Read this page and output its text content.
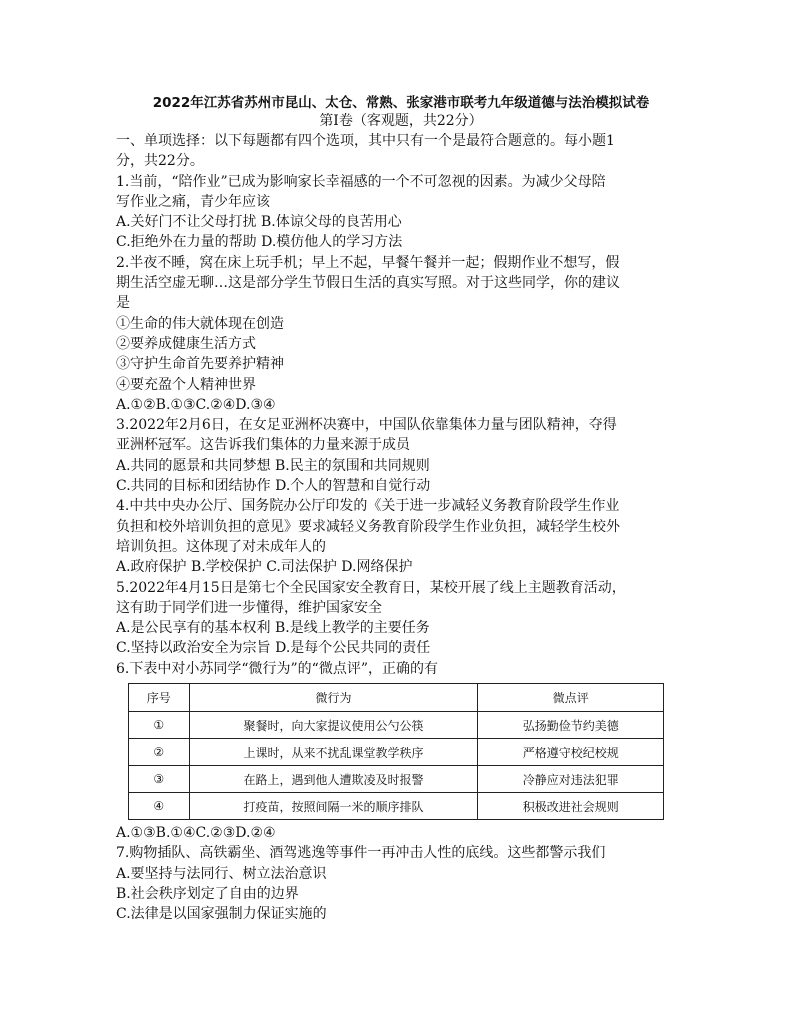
2022年江苏省苏州市昆山、太仓、常熟、张家港市联考九年级道德与法治模拟试卷
第Ⅰ卷（客观题，共22分）

一、单项选择：以下每题都有四个选项，其中只有一个是最符合题意的。每小题1

分，共22分。

1.当前，“陪作业”已成为影响家长幸福感的一个不可忽视的因素。为减少父母陪

写作业之痛，青少年应该

A.关好门不让父母打扰 B.体谅父母的良苦用心

C.拒绝外在力量的帮助 D.模仿他人的学习方法

2.半夜不睡，窝在床上玩手机；早上不起，早餐午餐并一起；假期作业不想写，假

期生活空虚无聊…这是部分学生节假日生活的真实写照。对于这些同学，你的建议

是

①生命的伟大就体现在创造

②要养成健康生活方式

③守护生命首先要养护精神

④要充盈个人精神世界

A.①②B.①③C.②④D.③④

3.2022年2月6日，在女足亚洲杯决赛中，中国队依靠集体力量与团队精神，夺得

亚洲杯冠军。这告诉我们集体的力量来源于成员

A.共同的愿景和共同梦想 B.民主的氛围和共同规则

C.共同的目标和团结协作 D.个人的智慧和自觉行动

4.中共中央办公厅、国务院办公厅印发的《关于进一步减轻义务教育阶段学生作业

负担和校外培训负担的意见》要求减轻义务教育阶段学生作业负担，减轻学生校外

培训负担。这体现了对未成年人的

A.政府保护 B.学校保护 C.司法保护 D.网络保护

5.2022年4月15日是第七个全民国家安全教育日，某校开展了线上主题教育活动，

这有助于同学们进一步懂得，维护国家安全

A.是公民享有的基本权利 B.是线上教学的主要任务

C.坚持以政治安全为宗旨 D.是每个公民共同的责任

6.下表中对小苏同学“微行为”的“微点评”，正确的有

序号	微行为	微点评
①	聚餐时，向大家提议使用公勺公筷	弘扬勤俭节约美德
②	上课时，从来不扰乱课堂教学秩序	严格遵守校纪校规
③	在路上，遇到他人遭欺凌及时报警	冷静应对违法犯罪
④	打疫苗，按照间隔一米的顺序排队	积极改进社会规则

A.①③B.①④C.②③D.②④

7.购物插队、高铁霸坐、酒驾逃逸等事件一再冲击人性的底线。这些都警示我们

A.要坚持与法同行、树立法治意识

B.社会秩序划定了自由的边界

C.法律是以国家强制力保证实施的
